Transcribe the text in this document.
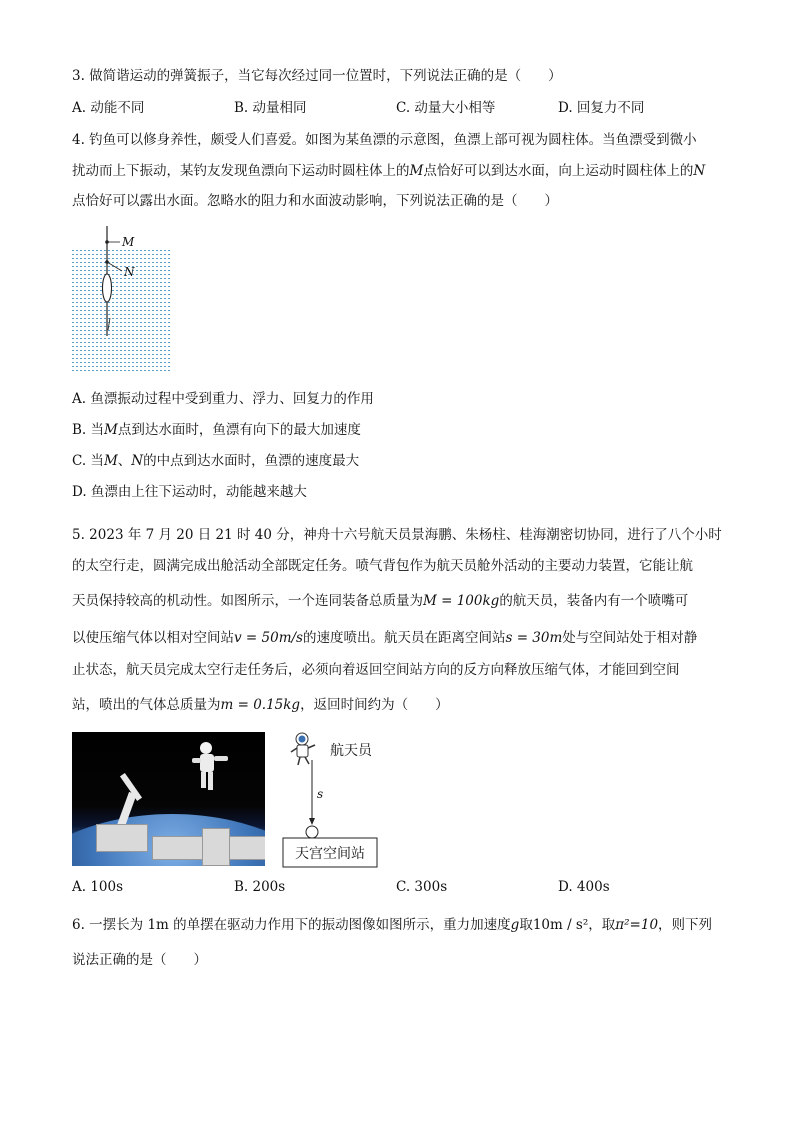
3. 做简谐运动的弹簧振子，当它每次经过同一位置时，下列说法正确的是（　　）
A. 动能不同	B. 动量相同	C. 动量大小相等	D. 回复力不同
4. 钓鱼可以修身养性，颇受人们喜爱。如图为某鱼漂的示意图，鱼漂上部可视为圆柱体。当鱼漂受到微小
扰动而上下振动，某钓友发现鱼漂向下运动时圆柱体上的M点恰好可以到达水面，向上运动时圆柱体上的N
点恰好可以露出水面。忽略水的阻力和水面波动影响，下列说法正确的是（　　）
M
N
A. 鱼漂振动过程中受到重力、浮力、回复力的作用
B. 当M点到达水面时，鱼漂有向下的最大加速度
C. 当M、N的中点到达水面时，鱼漂的速度最大
D. 鱼漂由上往下运动时，动能越来越大
5. 2023 年 7 月 20 日 21 时 40 分，神舟十六号航天员景海鹏、朱杨柱、桂海潮密切协同，进行了八个小时
的太空行走，圆满完成出舱活动全部既定任务。喷气背包作为航天员舱外活动的主要动力装置，它能让航
天员保持较高的机动性。如图所示，一个连同装备总质量为M = 100kg的航天员，装备内有一个喷嘴可
以使压缩气体以相对空间站v = 50m/s的速度喷出。航天员在距离空间站s = 30m处与空间站处于相对静
止状态，航天员完成太空行走任务后，必须向着返回空间站方向的反方向释放压缩气体，才能回到空间
站，喷出的气体总质量为m = 0.15kg，返回时间约为（　　）
航天员
s
天宫空间站
A. 100s	B. 200s	C. 300s	D. 400s
6. 一摆长为 1m 的单摆在驱动力作用下的振动图像如图所示，重力加速度g取10m / s²，取π²=10，则下列
说法正确的是（　　）
